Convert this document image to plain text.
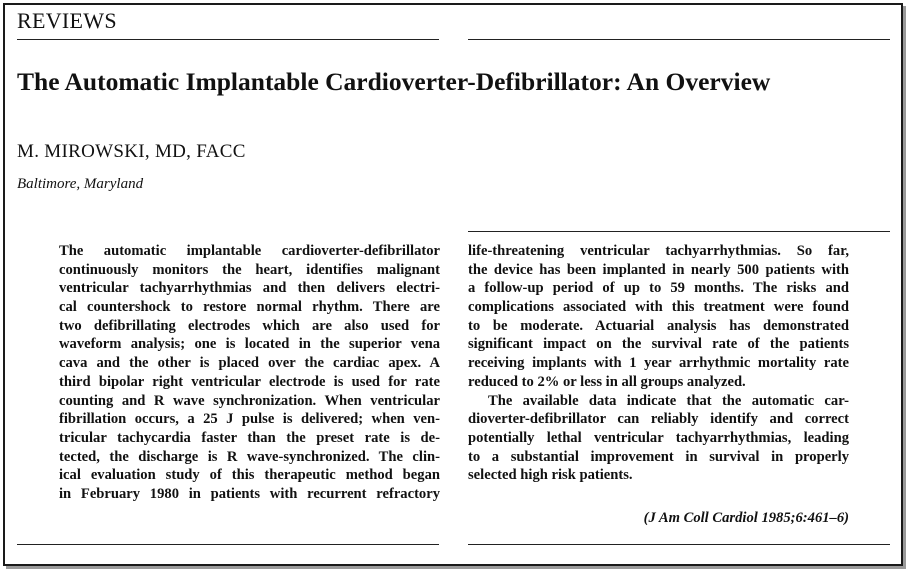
REVIEWS
The Automatic Implantable Cardioverter-Defibrillator: An Overview
M. MIROWSKI, MD, FACC
Baltimore, Maryland
The automatic implantable cardioverter-defibrillator
continuously monitors the heart, identifies malignant
ventricular tachyarrhythmias and then delivers electri-
cal countershock to restore normal rhythm. There are
two defibrillating electrodes which are also used for
waveform analysis; one is located in the superior vena
cava and the other is placed over the cardiac apex. A
third bipolar right ventricular electrode is used for rate
counting and R wave synchronization. When ventricular
fibrillation occurs, a 25 J pulse is delivered; when ven-
tricular tachycardia faster than the preset rate is de-
tected, the discharge is R wave-synchronized. The clin-
ical evaluation study of this therapeutic method began
in February 1980 in patients with recurrent refractory
life-threatening ventricular tachyarrhythmias. So far,
the device has been implanted in nearly 500 patients with
a follow-up period of up to 59 months. The risks and
complications associated with this treatment were found
to be moderate. Actuarial analysis has demonstrated
significant impact on the survival rate of the patients
receiving implants with 1 year arrhythmic mortality rate
reduced to 2% or less in all groups analyzed.
The available data indicate that the automatic car-
dioverter-defibrillator can reliably identify and correct
potentially lethal ventricular tachyarrhythmias, leading
to a substantial improvement in survival in properly
selected high risk patients.
(J Am Coll Cardiol 1985;6:461–6)
